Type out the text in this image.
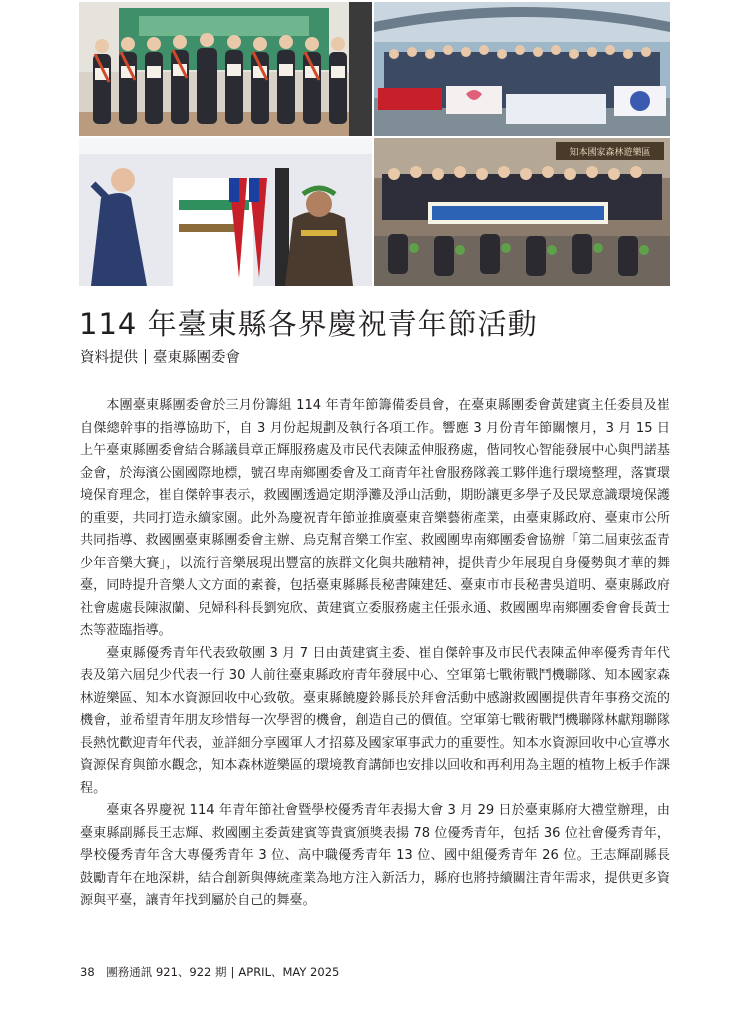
知本國家森林遊樂區
114 年臺東縣各界慶祝青年節活動
資料提供 臺東縣團委會

本團臺東縣團委會於三月份籌組 114 年青年節籌備委員會，在臺東縣團委會黃建賓主任委員及崔自傑總幹事的指導協助下，自 3 月份起規劃及執行各項工作。響應 3 月份青年節關懷月，3 月 15 日上午臺東縣團委會結合縣議員章正輝服務處及市民代表陳孟伸服務處，偕同牧心智能發展中心與門諾基金會，於海濱公園國際地標，號召卑南鄉團委會及工商青年社會服務隊義工夥伴進行環境整理，落實環境保育理念，崔自傑幹事表示，救國團透過定期淨灘及淨山活動，期盼讓更多學子及民眾意識環境保護的重要，共同打造永續家園。此外為慶祝青年節並推廣臺東音樂藝術產業，由臺東縣政府、臺東市公所共同指導、救國團臺東縣團委會主辦、烏克幫音樂工作室、救國團卑南鄉團委會協辦「第二屆東弦盃青少年音樂大賽」，以流行音樂展現出豐富的族群文化與共融精神，提供青少年展現自身優勢與才華的舞臺，同時提升音樂人文方面的素養，包括臺東縣縣長秘書陳建廷、臺東市市長秘書吳道明、臺東縣政府社會處處長陳淑蘭、兒婦科科長劉宛欣、黃建賓立委服務處主任張永通、救國團卑南鄉團委會會長黃士杰等蒞臨指導。

臺東縣優秀青年代表致敬團 3 月 7 日由黃建賓主委、崔自傑幹事及市民代表陳孟伸率優秀青年代表及第六屆兒少代表一行 30 人前往臺東縣政府青年發展中心、空軍第七戰術戰鬥機聯隊、知本國家森林遊樂區、知本水資源回收中心致敬。臺東縣饒慶鈴縣長於拜會活動中感謝救國團提供青年事務交流的機會，並希望青年朋友珍惜每一次學習的機會，創造自己的價值。空軍第七戰術戰鬥機聯隊林獻翔聯隊長熱忱歡迎青年代表，並詳細分享國軍人才招募及國家軍事武力的重要性。知本水資源回收中心宣導水資源保育與節水觀念，知本森林遊樂區的環境教育講師也安排以回收和再利用為主題的植物上板手作課程。

臺東各界慶祝 114 年青年節社會暨學校優秀青年表揚大會 3 月 29 日於臺東縣府大禮堂辦理，由臺東縣副縣長王志輝、救國團主委黃建賓等貴賓頒獎表揚 78 位優秀青年，包括 36 位社會優秀青年，學校優秀青年含大專優秀青年 3 位、高中職優秀青年 13 位、國中組優秀青年 26 位。王志輝副縣長鼓勵青年在地深耕，結合創新與傳統產業為地方注入新活力，縣府也將持續關注青年需求，提供更多資源與平臺，讓青年找到屬於自己的舞臺。

38 團務通訊 921、922 期 | APRIL、MAY 2025
